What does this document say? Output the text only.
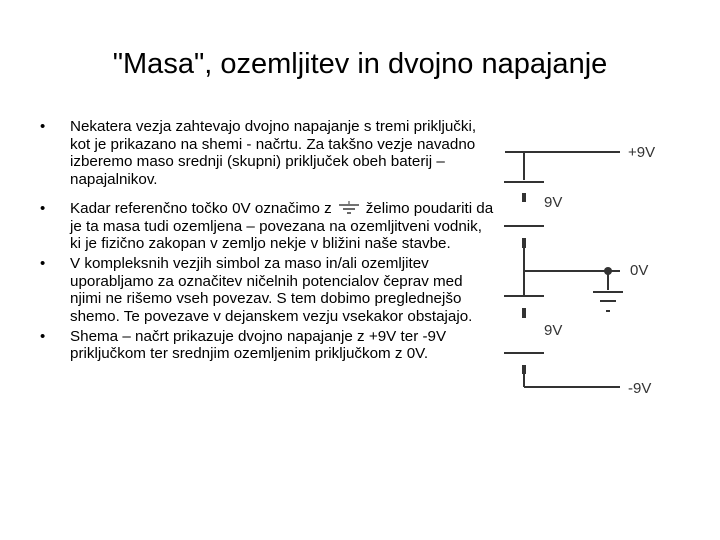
"Masa", ozemljitev in dvojno napajanje
• Nekatera vezja zahtevajo dvojno napajanje s tremi priključki, kot je prikazano na shemi - načrtu. Za takšno vezje navadno izberemo maso srednji (skupni) priključek obeh baterij – napajalnikov.
• Kadar referenčno točko 0V označimo z želimo poudariti da je ta masa tudi ozemljena – povezana na ozemljitveni vodnik, ki je fizično zakopan v zemljo nekje v bližini naše stavbe.
• V kompleksnih vezjih simbol za maso in/ali ozemljitev uporabljamo za označitev ničelnih potencialov čeprav med njimi ne rišemo vseh povezav. S tem dobimo preglednejšo shemo. Te povezave v dejanskem vezju vsekakor obstajajo.
• Shema – načrt prikazuje dvojno napajanje z +9V ter -9V priključkom ter srednjim ozemljenim priključkom z 0V.
+9V
9V
0V
9V
-9V
